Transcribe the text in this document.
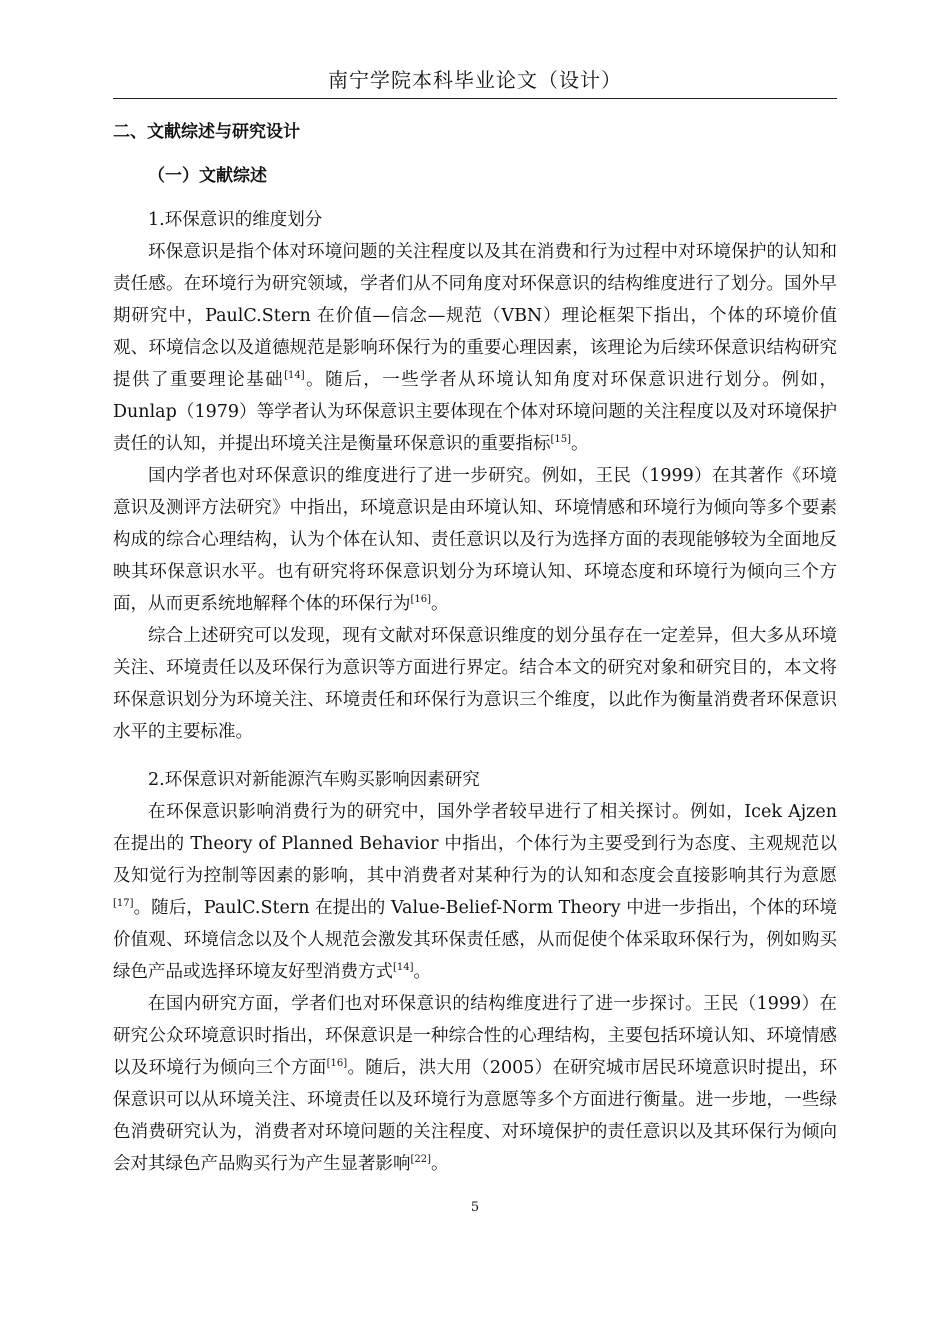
南宁学院本科毕业论文（设计）
二、文献综述与研究设计
（一）文献综述
1.环保意识的维度划分

环保意识是指个体对环境问题的关注程度以及其在消费和行为过程中对环境保护的认知和责任感。在环境行为研究领域，学者们从不同角度对环保意识的结构维度进行了划分。国外早期研究中，PaulC.Stern 在价值—信念—规范（VBN）理论框架下指出，个体的环境价值观、环境信念以及道德规范是影响环保行为的重要心理因素，该理论为后续环保意识结构研究提供了重要理论基础[14]。随后，一些学者从环境认知角度对环保意识进行划分。例如，Dunlap（1979）等学者认为环保意识主要体现在个体对环境问题的关注程度以及对环境保护责任的认知，并提出环境关注是衡量环保意识的重要指标[15]。

国内学者也对环保意识的维度进行了进一步研究。例如，王民（1999）在其著作《环境意识及测评方法研究》中指出，环境意识是由环境认知、环境情感和环境行为倾向等多个要素构成的综合心理结构，认为个体在认知、责任意识以及行为选择方面的表现能够较为全面地反映其环保意识水平。也有研究将环保意识划分为环境认知、环境态度和环境行为倾向三个方面，从而更系统地解释个体的环保行为[16]。

综合上述研究可以发现，现有文献对环保意识维度的划分虽存在一定差异，但大多从环境关注、环境责任以及环保行为意识等方面进行界定。结合本文的研究对象和研究目的，本文将环保意识划分为环境关注、环境责任和环保行为意识三个维度，以此作为衡量消费者环保意识水平的主要标准。

2.环保意识对新能源汽车购买影响因素研究

在环保意识影响消费行为的研究中，国外学者较早进行了相关探讨。例如，Icek Ajzen 在提出的 Theory of Planned Behavior 中指出，个体行为主要受到行为态度、主观规范以及知觉行为控制等因素的影响，其中消费者对某种行为的认知和态度会直接影响其行为意愿[17]。随后，PaulC.Stern 在提出的 Value-Belief-Norm Theory 中进一步指出，个体的环境价值观、环境信念以及个人规范会激发其环保责任感，从而促使个体采取环保行为，例如购买绿色产品或选择环境友好型消费方式[14]。

在国内研究方面，学者们也对环保意识的结构维度进行了进一步探讨。王民（1999）在研究公众环境意识时指出，环保意识是一种综合性的心理结构，主要包括环境认知、环境情感以及环境行为倾向三个方面[16]。随后，洪大用（2005）在研究城市居民环境意识时提出，环保意识可以从环境关注、环境责任以及环境行为意愿等多个方面进行衡量。进一步地，一些绿色消费研究认为，消费者对环境问题的关注程度、对环境保护的责任意识以及其环保行为倾向会对其绿色产品购买行为产生显著影响[22]。

5
